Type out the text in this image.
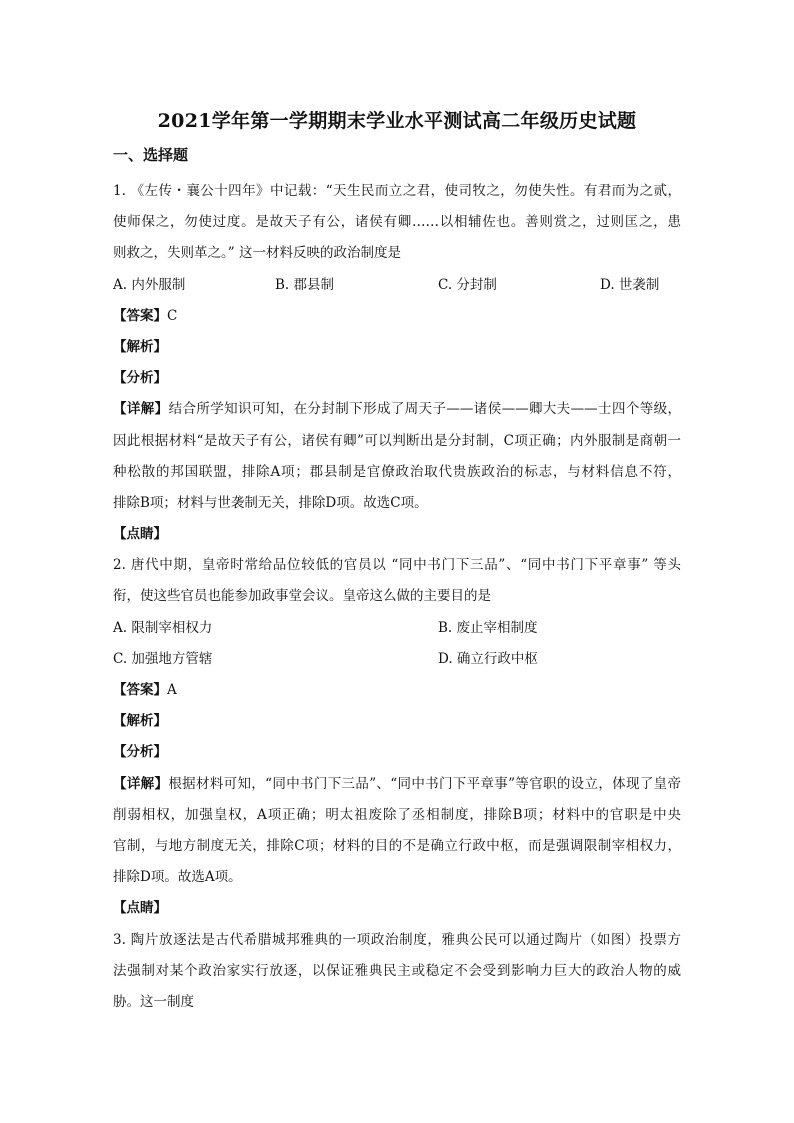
2021学年第一学期期末学业水平测试高二年级历史试题
一、选择题
1. 《左传・襄公十四年》中记载：“天生民而立之君，使司牧之，勿使失性。有君而为之贰，
使师保之，勿使过度。是故天子有公，诸侯有卿……以相辅佐也。善则赏之，过则匡之，患
则救之，失则革之。” 这一材料反映的政治制度是
A. 内外服制	B. 郡县制	C. 分封制	D. 世袭制
【答案】C
【解析】
【分析】
【详解】结合所学知识可知，在分封制下形成了周天子——诸侯——卿大夫——士四个等级，
因此根据材料“是故天子有公，诸侯有卿”可以判断出是分封制，C项正确；内外服制是商朝一
种松散的邦国联盟，排除A项；郡县制是官僚政治取代贵族政治的标志，与材料信息不符，
排除B项；材料与世袭制无关，排除D项。故选C项。
【点睛】
2. 唐代中期，皇帝时常给品位较低的官员以 “同中书门下三品”、“同中书门下平章事” 等头
衔，使这些官员也能参加政事堂会议。皇帝这么做的主要目的是
A. 限制宰相权力	B. 废止宰相制度
C. 加强地方管辖	D. 确立行政中枢
【答案】A
【解析】
【分析】
【详解】根据材料可知，“同中书门下三品”、“同中书门下平章事”等官职的设立，体现了皇帝
削弱相权，加强皇权，A项正确；明太祖废除了丞相制度，排除B项；材料中的官职是中央
官制，与地方制度无关，排除C项；材料的目的不是确立行政中枢，而是强调限制宰相权力，
排除D项。故选A项。
【点睛】
3. 陶片放逐法是古代希腊城邦雅典的一项政治制度，雅典公民可以通过陶片（如图）投票方
法强制对某个政治家实行放逐，以保证雅典民主或稳定不会受到影响力巨大的政治人物的威
胁。这一制度
